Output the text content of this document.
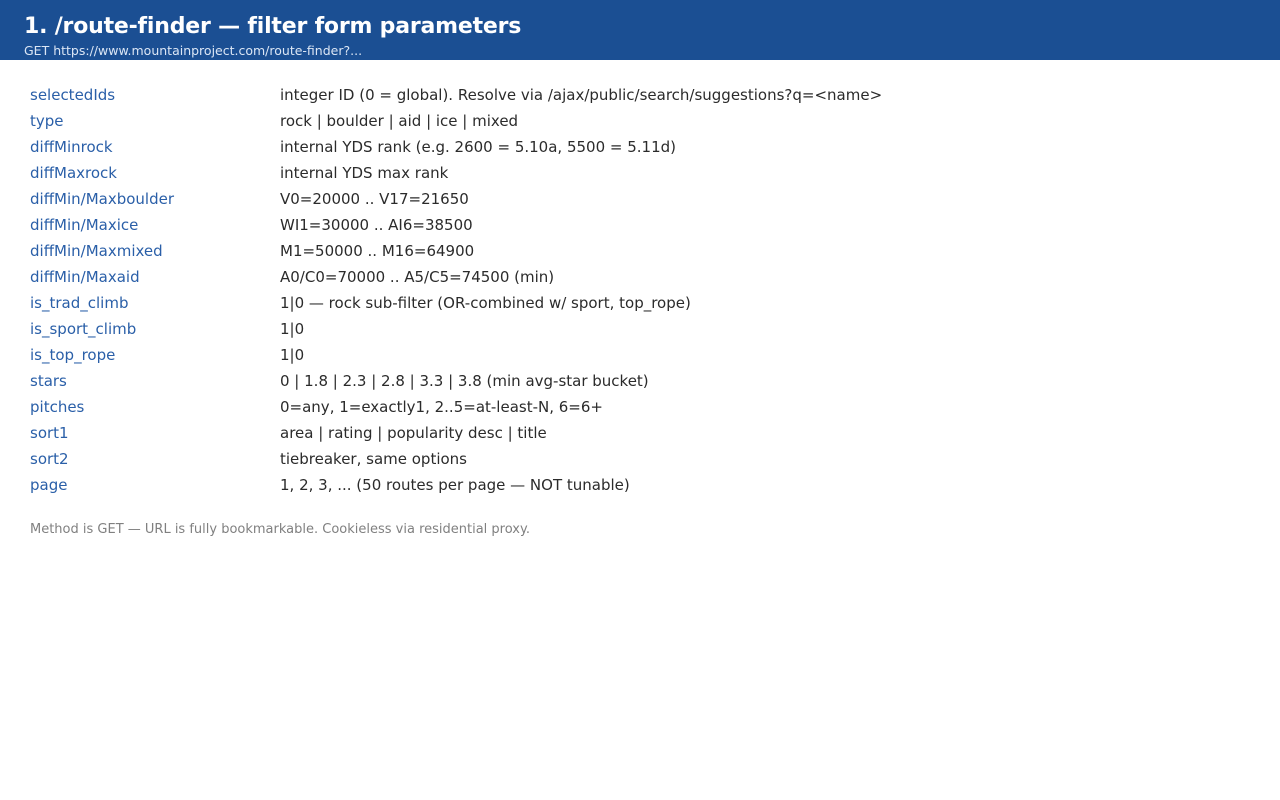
1. /route-finder — filter form parameters
GET https://www.mountainproject.com/route-finder?...
selectedIds	integer ID (0 = global). Resolve via /ajax/public/search/suggestions?q=<name>
type	rock | boulder | aid | ice | mixed
diffMinrock	internal YDS rank (e.g. 2600 = 5.10a, 5500 = 5.11d)
diffMaxrock	internal YDS max rank
diffMin/Maxboulder	V0=20000 .. V17=21650
diffMin/Maxice	WI1=30000 .. AI6=38500
diffMin/Maxmixed	M1=50000 .. M16=64900
diffMin/Maxaid	A0/C0=70000 .. A5/C5=74500 (min)
is_trad_climb	1|0 — rock sub-filter (OR-combined w/ sport, top_rope)
is_sport_climb	1|0
is_top_rope	1|0
stars	0 | 1.8 | 2.3 | 2.8 | 3.3 | 3.8 (min avg-star bucket)
pitches	0=any, 1=exactly1, 2..5=at-least-N, 6=6+
sort1	area | rating | popularity desc | title
sort2	tiebreaker, same options
page	1, 2, 3, ... (50 routes per page — NOT tunable)
Method is GET — URL is fully bookmarkable. Cookieless via residential proxy.
